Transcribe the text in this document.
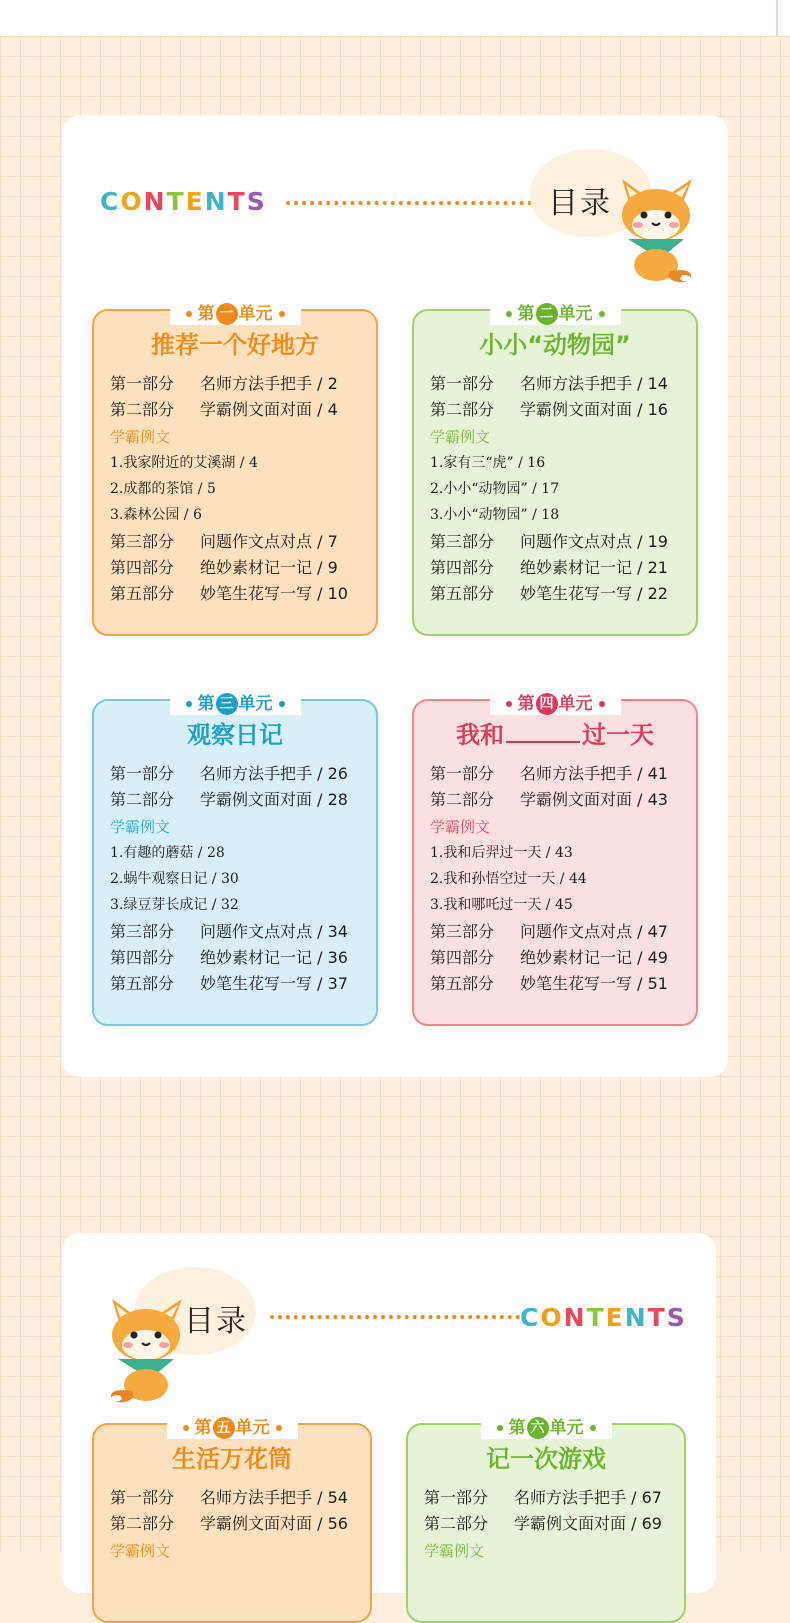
CONTENTS	目录
目录	CONTENTS
第 一 单元
推荐一个好地方
第一部分 名师方法手把手 / 2
第二部分 学霸例文面对面 / 4
学霸例文
1.我家附近的艾溪湖 / 4
2.成都的茶馆 / 5
3.森林公园 / 6
第三部分 问题作文点对点 / 7
第四部分 绝妙素材记一记 / 9
第五部分 妙笔生花写一写 / 10
第 二 单元
小小“动物园”
第一部分 名师方法手把手 / 14
第二部分 学霸例文面对面 / 16
学霸例文
1.家有三“虎” / 16
2.小小“动物园” / 17
3.小小“动物园” / 18
第三部分 问题作文点对点 / 19
第四部分 绝妙素材记一记 / 21
第五部分 妙笔生花写一写 / 22
第 三 单元
观察日记
第一部分 名师方法手把手 / 26
第二部分 学霸例文面对面 / 28
学霸例文
1.有趣的蘑菇 / 28
2.蜗牛观察日记 / 30
3.绿豆芽长成记 / 32
第三部分 问题作文点对点 / 34
第四部分 绝妙素材记一记 / 36
第五部分 妙笔生花写一写 / 37
第 四 单元
我和	过一天
第一部分 名师方法手把手 / 41
第二部分 学霸例文面对面 / 43
学霸例文
1.我和后羿过一天 / 43
2.我和孙悟空过一天 / 44
3.我和哪吒过一天 / 45
第三部分 问题作文点对点 / 47
第四部分 绝妙素材记一记 / 49
第五部分 妙笔生花写一写 / 51
第 五 单元
生活万花筒
第一部分 名师方法手把手 / 54
第二部分 学霸例文面对面 / 56
学霸例文
第 六 单元
记一次游戏
第一部分 名师方法手把手 / 67
第二部分 学霸例文面对面 / 69
学霸例文
